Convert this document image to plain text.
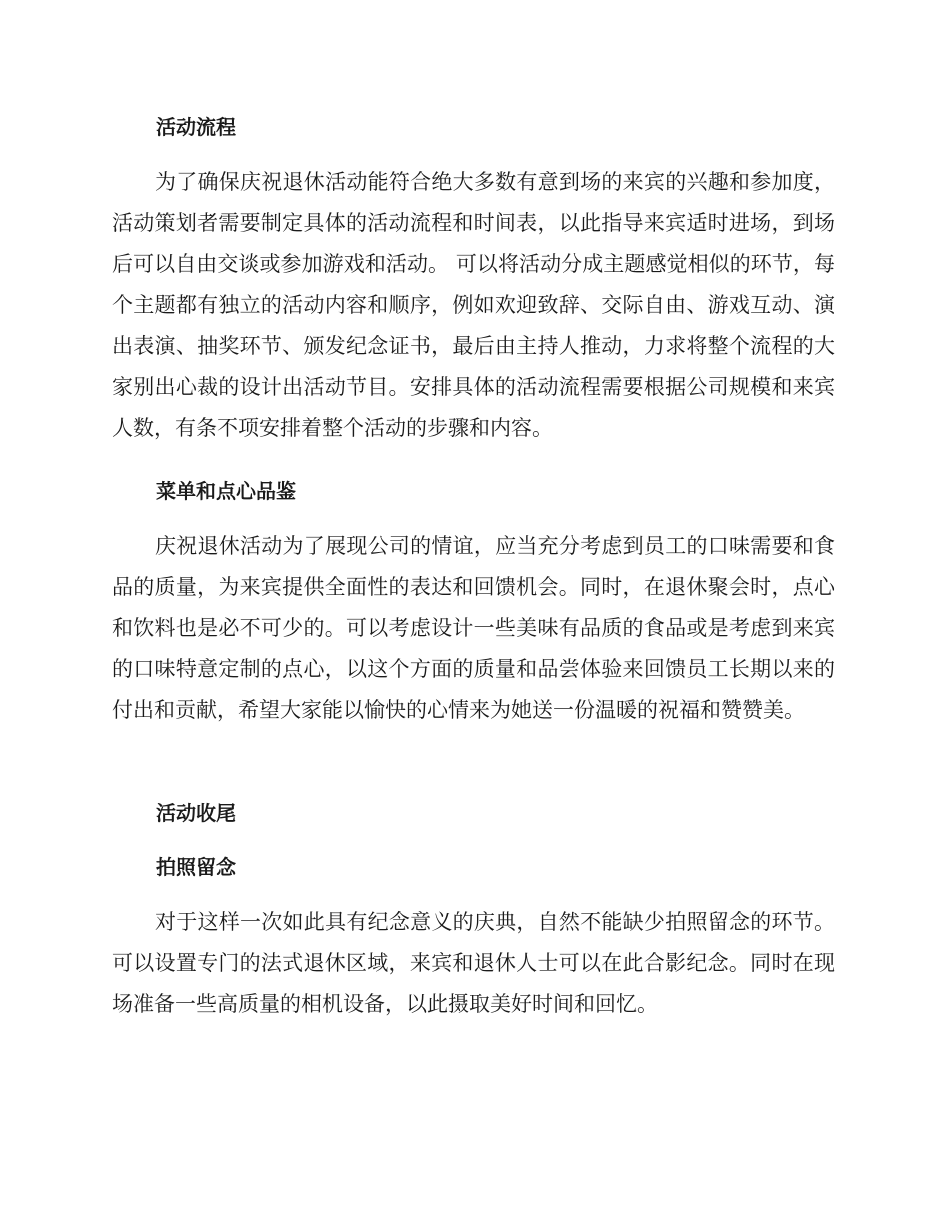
活动流程

为了确保庆祝退休活动能符合绝大多数有意到场的来宾的兴趣和参加度，活动策划者需要制定具体的活动流程和时间表，以此指导来宾适时进场，到场后可以自由交谈或参加游戏和活动。 可以将活动分成主题感觉相似的环节，每个主题都有独立的活动内容和顺序，例如欢迎致辞、交际自由、游戏互动、演出表演、抽奖环节、颁发纪念证书，最后由主持人推动，力求将整个流程的大家别出心裁的设计出活动节目。安排具体的活动流程需要根据公司规模和来宾人数，有条不项安排着整个活动的步骤和内容。

菜单和点心品鉴

庆祝退休活动为了展现公司的情谊，应当充分考虑到员工的口味需要和食品的质量，为来宾提供全面性的表达和回馈机会。同时，在退休聚会时，点心和饮料也是必不可少的。可以考虑设计一些美味有品质的食品或是考虑到来宾的口味特意定制的点心，以这个方面的质量和品尝体验来回馈员工长期以来的付出和贡献，希望大家能以愉快的心情来为她送一份温暖的祝福和赞赞美。

活动收尾
拍照留念

对于这样一次如此具有纪念意义的庆典，自然不能缺少拍照留念的环节。可以设置专门的法式退休区域，来宾和退休人士可以在此合影纪念。同时在现场准备一些高质量的相机设备，以此摄取美好时间和回忆。
